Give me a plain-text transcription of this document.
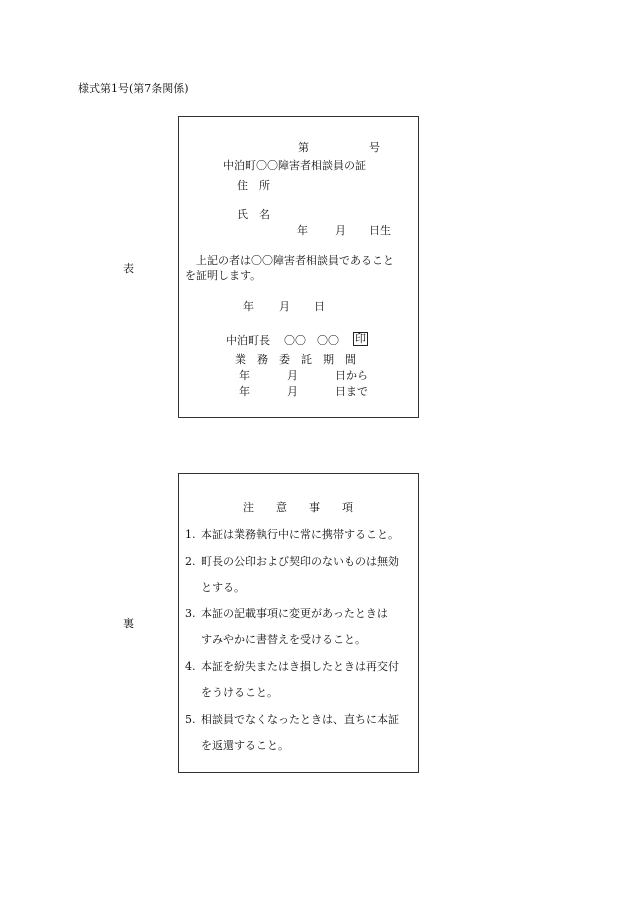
様式第1号(第7条関係)
表
第	号
中泊町〇〇障害者相談員の証
住　所
氏　名
年 月 日生
上記の者は〇〇障害者相談員であること
を証明します。
年 月 日
中泊町長 〇〇　〇〇 印
業　務　委　託　期　間
年	月	日から
年	月	日まで
裏
注　　意　　事　　項
1. 本証は業務執行中に常に携帯すること。
2. 町長の公印および契印のないものは無効
とする。
3. 本証の記載事項に変更があったときは
すみやかに書替えを受けること。
4. 本証を紛失またはき損したときは再交付
をうけること。
5. 相談員でなくなったときは、直ちに本証
を返還すること。
